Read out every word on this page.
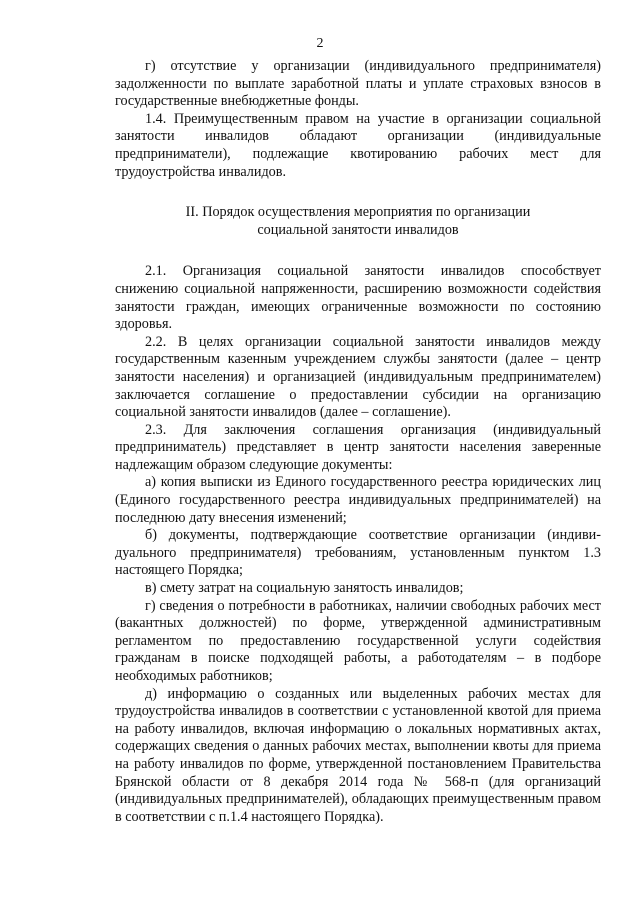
2

г) отсутствие у организации (индивидуального предпринимателя) задолженности по выплате заработной платы и уплате страховых взносов в государственные внебюджетные фонды.

1.4. Преимущественным правом на участие в организации социальной занятости инвалидов обладают организации (индивидуальные предприниматели), подлежащие квотированию рабочих мест для трудоустройства инвалидов.

II. Порядок осуществления мероприятия по организации
социальной занятости инвалидов

2.1. Организация социальной занятости инвалидов способствует снижению социальной напряженности, расширению возможности содействия занятости граждан, имеющих ограниченные возможности по состоянию здоровья.

2.2. В целях организации социальной занятости инвалидов между государственным казенным учреждением службы занятости (далее – центр занятости населения) и организацией (индивидуальным предпринимателем) заключается соглашение о предоставлении субсидии на организацию социальной занятости инвалидов (далее – соглашение).

2.3. Для заключения соглашения организация (индивидуальный предприниматель) представляет в центр занятости населения заверенные надлежащим образом следующие документы:

а) копия выписки из Единого государственного реестра юридических лиц (Единого государственного реестра индивидуальных предпринимателей) на последнюю дату внесения изменений;

б) документы, подтверждающие соответствие организации (индиви-дуального предпринимателя) требованиям, установленным пунктом 1.3 настоящего Порядка;

в) смету затрат на социальную занятость инвалидов;

г) сведения о потребности в работниках, наличии свободных рабочих мест (вакантных должностей) по форме, утвержденной административным регламентом по предоставлению государственной услуги содействия гражданам в поиске подходящей работы, а работодателям – в подборе необходимых работников;

д) информацию о созданных или выделенных рабочих местах для трудоустройства инвалидов в соответствии с установленной квотой для приема на работу инвалидов, включая информацию о локальных нормативных актах, содержащих сведения о данных рабочих местах, выполнении квоты для приема на работу инвалидов по форме, утвержденной постановлением Правительства Брянской области от 8 декабря 2014 года № 568-п (для организаций (индивидуальных предпринимателей), обладающих преимущественным правом в соответствии с п.1.4 настоящего Порядка).
